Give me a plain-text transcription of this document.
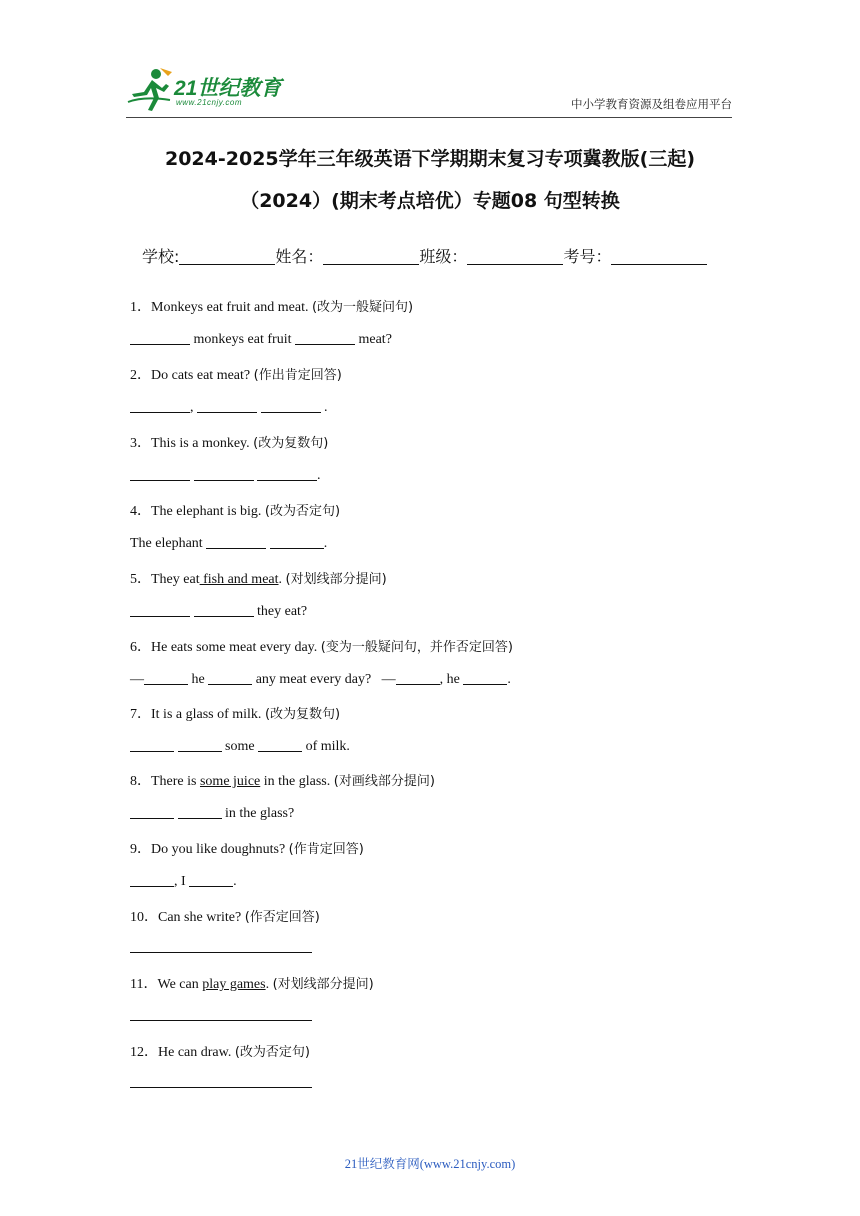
21世纪教育
www.21cnjy.com	中小学教育资源及组卷应用平台
2024-2025学年三年级英语下学期期末复习专项冀教版(三起)
（2024）(期末考点培优）专题08 句型转换
学校:	姓名：	班级：	考号：
1．Monkeys eat fruit and meat. (改为一般疑问句)
monkeys eat fruit	meat?
2．Do cats eat meat? (作出肯定回答)
,	.
3．This is a monkey. (改为复数句)
.
4．The elephant is big. (改为否定句)
The elephant	.
5．They eat fish and meat. (对划线部分提问)
they eat?
6．He eats some meat every day. (变为一般疑问句，并作否定回答)
—	he	any meat every day? —	, he	.
7．It is a glass of milk. (改为复数句)
some	of milk.
8．There is some juice in the glass. (对画线部分提问)
in the glass?
9．Do you like doughnuts? (作肯定回答)
, I	.
10．Can she write? (作否定回答)
11．We can play games. (对划线部分提问)
12．He can draw. (改为否定句)
21世纪教育网(www.21cnjy.com)
